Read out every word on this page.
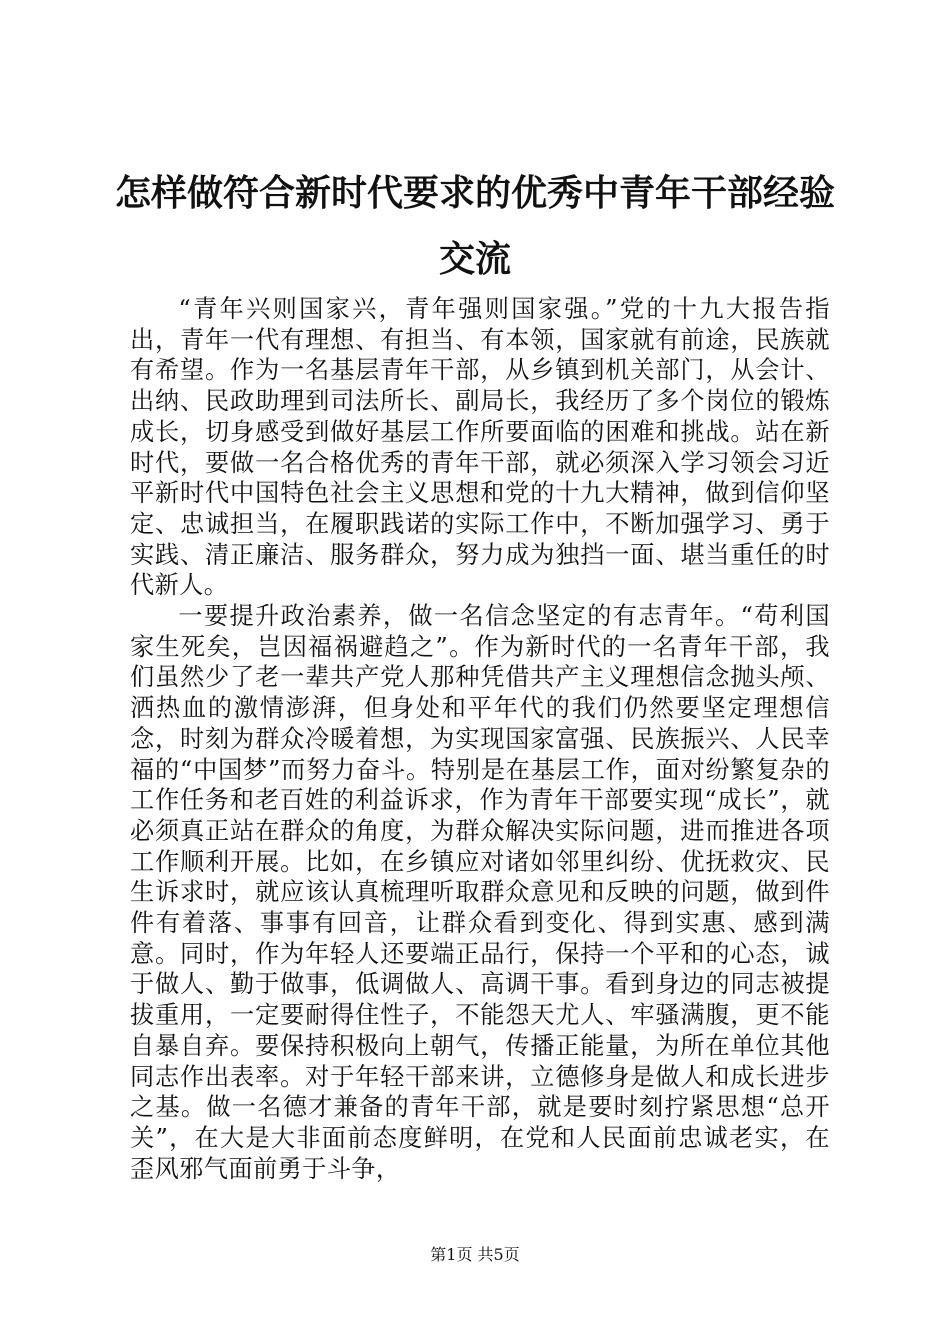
怎样做符合新时代要求的优秀中青年干部经验交流

“青年兴则国家兴，青年强则国家强。”党的十九大报告指出，青年一代有理想、有担当、有本领，国家就有前途，民族就有希望。作为一名基层青年干部，从乡镇到机关部门，从会计、出纳、民政助理到司法所长、副局长，我经历了多个岗位的锻炼成长，切身感受到做好基层工作所要面临的困难和挑战。站在新时代，要做一名合格优秀的青年干部，就必须深入学习领会习近平新时代中国特色社会主义思想和党的十九大精神，做到信仰坚定、忠诚担当，在履职践诺的实际工作中，不断加强学习、勇于实践、清正廉洁、服务群众，努力成为独挡一面、堪当重任的时代新人。

一要提升政治素养，做一名信念坚定的有志青年。“苟利国家生死矣，岂因福祸避趋之”。作为新时代的一名青年干部，我们虽然少了老一辈共产党人那种凭借共产主义理想信念抛头颅、洒热血的激情澎湃，但身处和平年代的我们仍然要坚定理想信念，时刻为群众冷暖着想，为实现国家富强、民族振兴、人民幸福的“中国梦”而努力奋斗。特别是在基层工作，面对纷繁复杂的工作任务和老百姓的利益诉求，作为青年干部要实现“成长”，就必须真正站在群众的角度，为群众解决实际问题，进而推进各项工作顺利开展。比如，在乡镇应对诸如邻里纠纷、优抚救灾、民生诉求时，就应该认真梳理听取群众意见和反映的问题，做到件件有着落、事事有回音，让群众看到变化、得到实惠、感到满意。同时，作为年轻人还要端正品行，保持一个平和的心态，诚于做人、勤于做事，低调做人、高调干事。看到身边的同志被提拔重用，一定要耐得住性子，不能怨天尤人、牢骚满腹，更不能自暴自弃。要保持积极向上朝气，传播正能量，为所在单位其他同志作出表率。对于年轻干部来讲，立德修身是做人和成长进步之基。做一名德才兼备的青年干部，就是要时刻拧紧思想“总开关”，在大是大非面前态度鲜明，在党和人民面前忠诚老实，在歪风邪气面前勇于斗争，

第1页 共5页
